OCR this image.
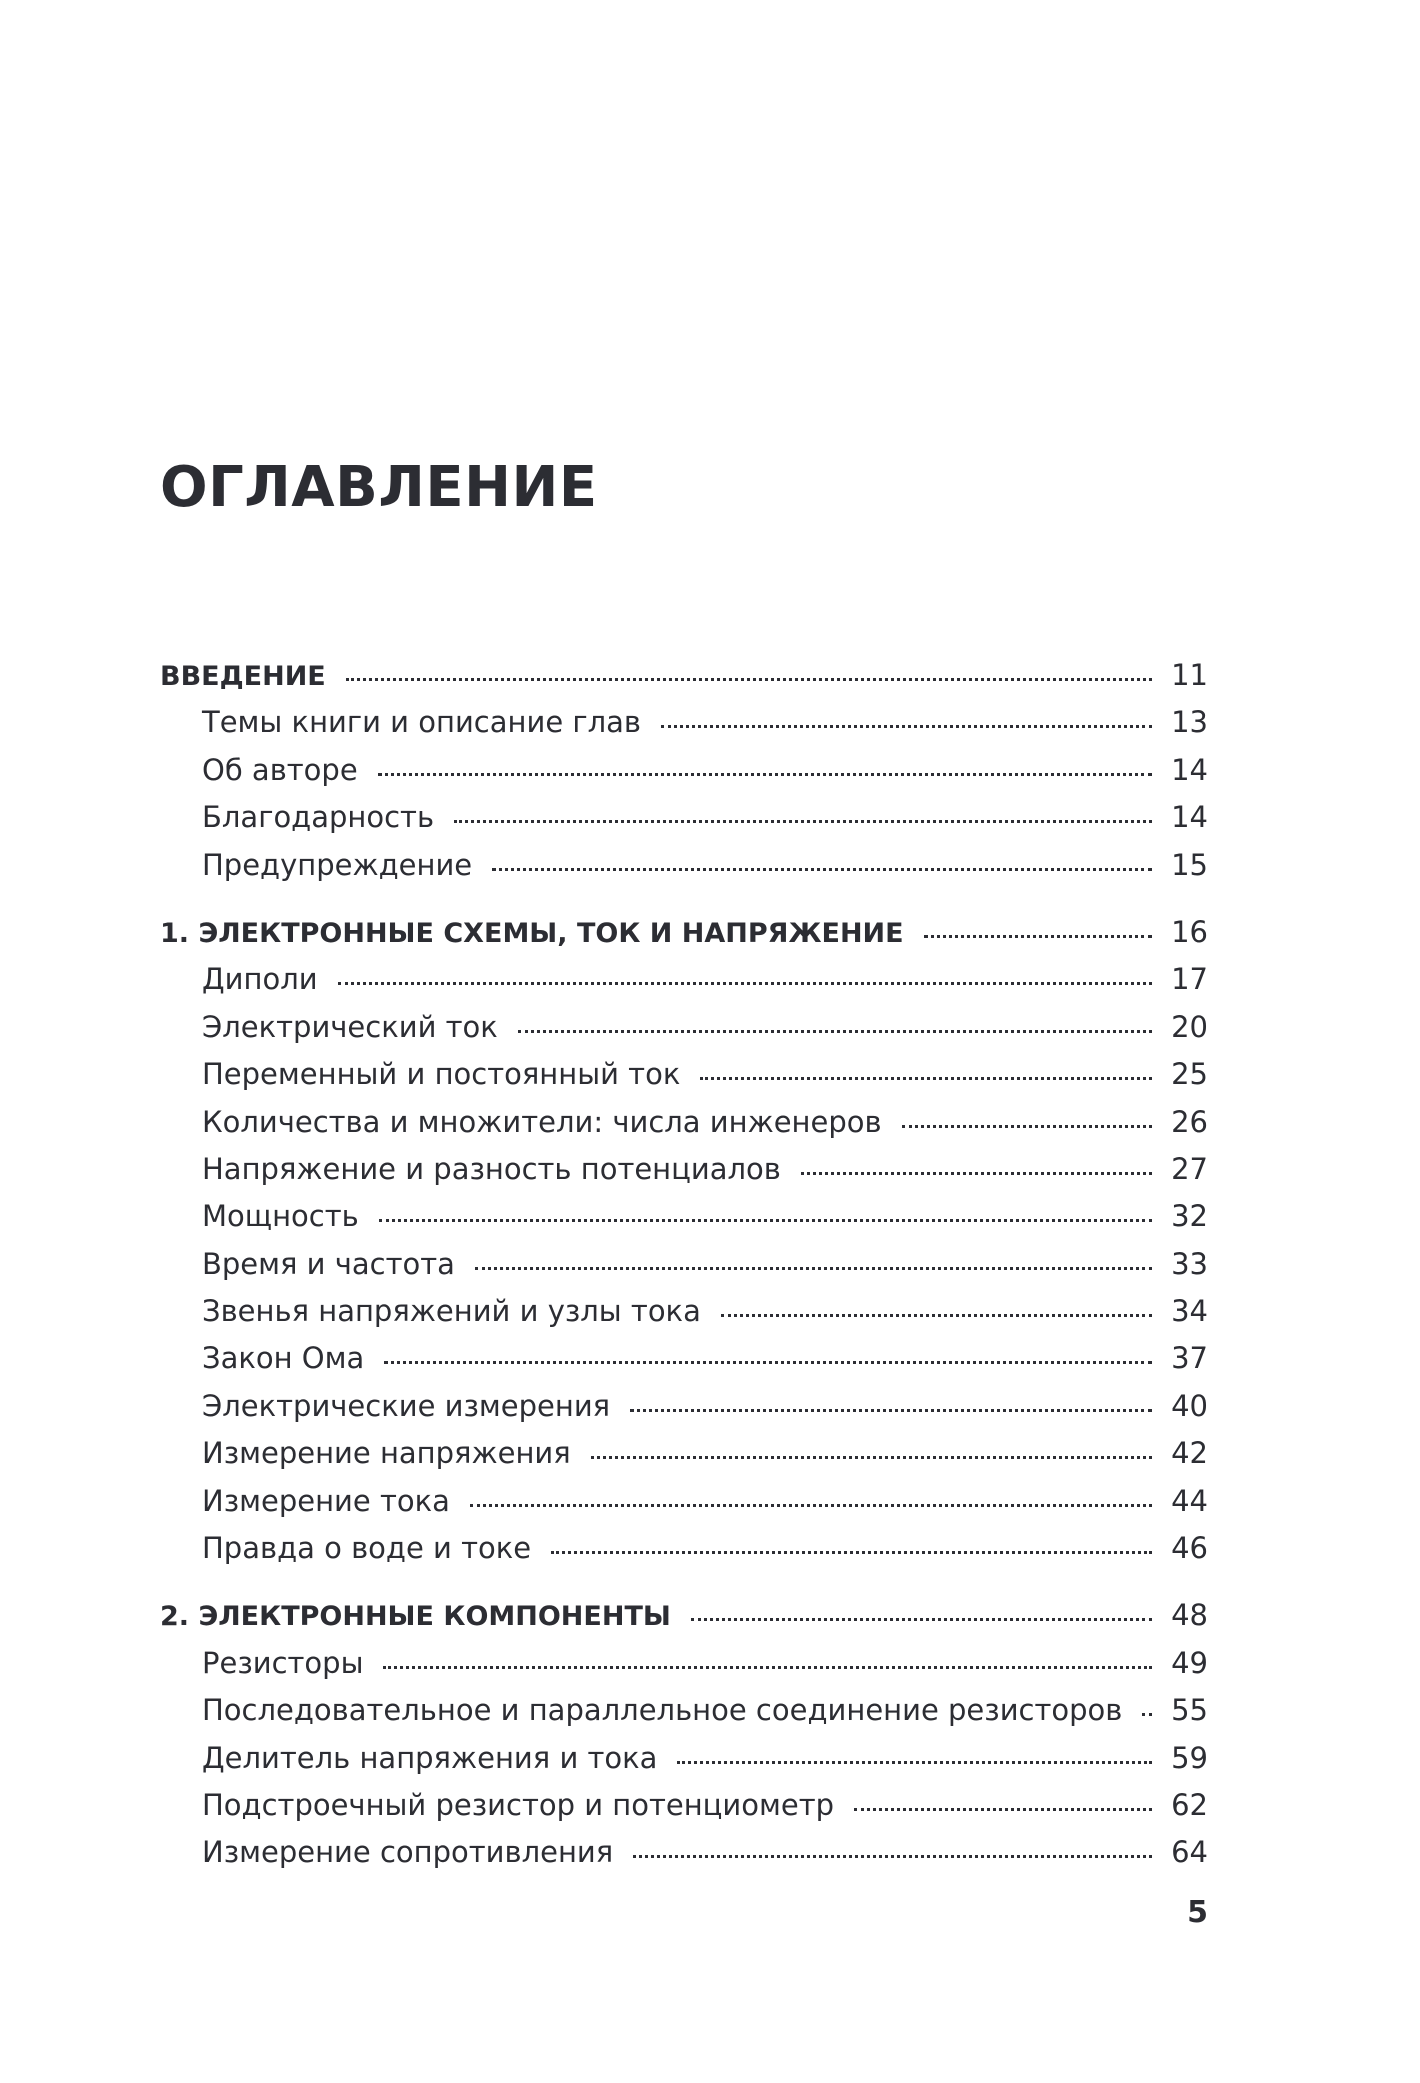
ОГЛАВЛЕНИЕ
ВВЕДЕНИЕ	11
Темы книги и описание глав	13
Об авторе	14
Благодарность	14
Предупреждение	15
1. ЭЛЕКТРОННЫЕ СХЕМЫ, ТОК И НАПРЯЖЕНИЕ	16
Диполи	17
Электрический ток	20
Переменный и постоянный ток	25
Количества и множители: числа инженеров	26
Напряжение и разность потенциалов	27
Мощность	32
Время и частота	33
Звенья напряжений и узлы тока	34
Закон Ома	37
Электрические измерения	40
Измерение напряжения	42
Измерение тока	44
Правда о воде и токе	46
2. ЭЛЕКТРОННЫЕ КОМПОНЕНТЫ	48
Резисторы	49
Последовательное и параллельное соединение резисторов 55
Делитель напряжения и тока	59
Подстроечный резистор и потенциометр	62
Измерение сопротивления	64
5
